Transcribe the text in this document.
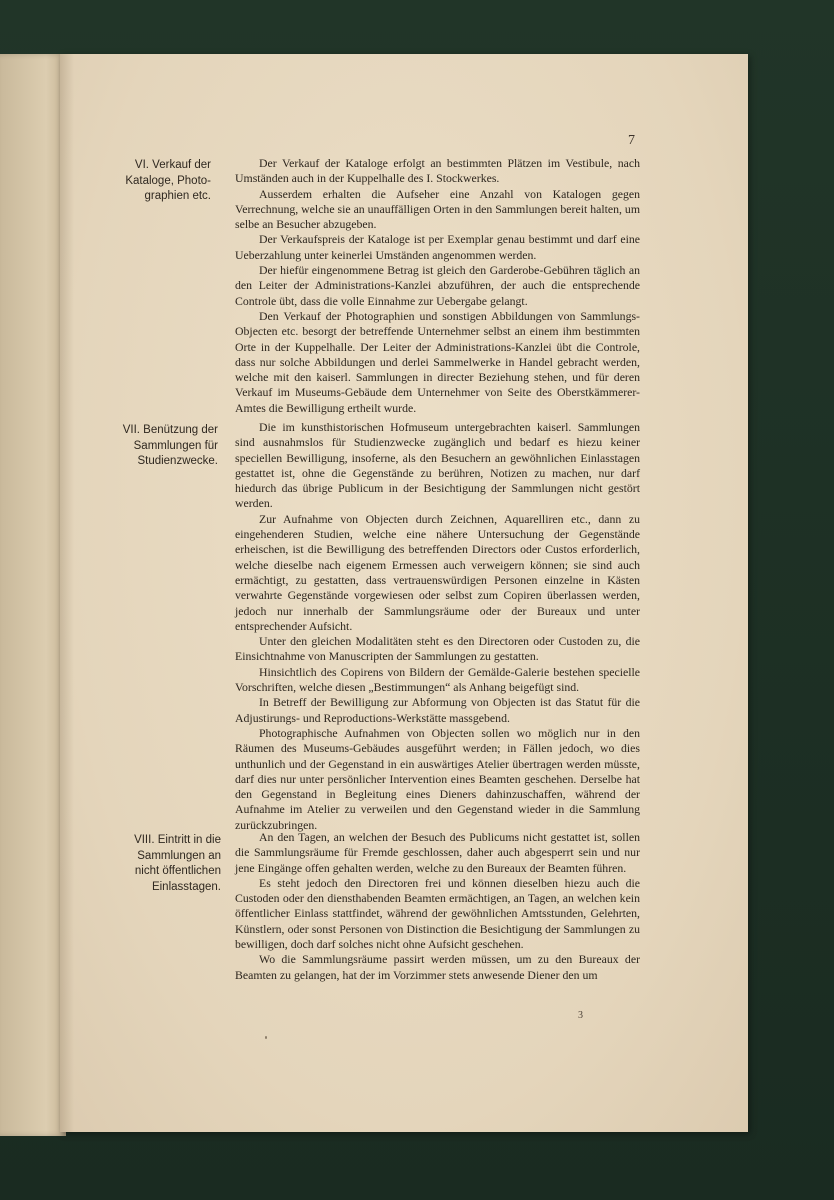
7
VI. Verkauf der
Kataloge, Photo-
graphien etc.

Der Verkauf der Kataloge erfolgt an bestimmten Plätzen im Vestibule, nach Umständen auch in der Kuppelhalle des I. Stockwerkes.

Ausserdem erhalten die Aufseher eine Anzahl von Katalogen gegen Verrechnung, welche sie an unauffälligen Orten in den Sammlungen bereit halten, um selbe an Besucher abzugeben.

Der Verkaufspreis der Kataloge ist per Exemplar genau bestimmt und darf eine Ueberzahlung unter keinerlei Umständen angenommen werden.

Der hiefür eingenommene Betrag ist gleich den Garderobe-Gebühren täglich an den Leiter der Administrations-Kanzlei abzuführen, der auch die entsprechende Controle übt, dass die volle Einnahme zur Uebergabe gelangt.

Den Verkauf der Photographien und sonstigen Abbildungen von Sammlungs-Objecten etc. besorgt der betreffende Unternehmer selbst an einem ihm bestimmten Orte in der Kuppelhalle. Der Leiter der Administrations-Kanzlei übt die Controle, dass nur solche Abbildungen und derlei Sammelwerke in Handel gebracht werden, welche mit den kaiserl. Sammlungen in directer Beziehung stehen, und für deren Verkauf im Museums-Gebäude dem Unternehmer von Seite des Oberstkämmerer-Amtes die Bewilligung ertheilt wurde.

VII. Benützung der
Sammlungen für
Studienzwecke.

Die im kunsthistorischen Hofmuseum untergebrachten kaiserl. Sammlungen sind ausnahmslos für Studienzwecke zugänglich und bedarf es hiezu keiner speciellen Bewilligung, insoferne, als den Besuchern an gewöhnlichen Einlasstagen gestattet ist, ohne die Gegenstände zu berühren, Notizen zu machen, nur darf hiedurch das übrige Publicum in der Besichtigung der Sammlungen nicht gestört werden.

Zur Aufnahme von Objecten durch Zeichnen, Aquarelliren etc., dann zu eingehenderen Studien, welche eine nähere Untersuchung der Gegenstände erheischen, ist die Bewilligung des betreffenden Directors oder Custos erforderlich, welche dieselbe nach eigenem Ermessen auch verweigern können; sie sind auch ermächtigt, zu gestatten, dass vertrauenswürdigen Personen einzelne in Kästen verwahrte Gegenstände vorgewiesen oder selbst zum Copiren überlassen werden, jedoch nur innerhalb der Sammlungsräume oder der Bureaux und unter entsprechender Aufsicht.

Unter den gleichen Modalitäten steht es den Directoren oder Custoden zu, die Einsichtnahme von Manuscripten der Sammlungen zu gestatten.

Hinsichtlich des Copirens von Bildern der Gemälde-Galerie bestehen specielle Vorschriften, welche diesen „Bestimmungen“ als Anhang beigefügt sind.

In Betreff der Bewilligung zur Abformung von Objecten ist das Statut für die Adjustirungs- und Reproductions-Werkstätte massgebend.

Photographische Aufnahmen von Objecten sollen wo möglich nur in den Räumen des Museums-Gebäudes ausgeführt werden; in Fällen jedoch, wo dies unthunlich und der Gegenstand in ein auswärtiges Atelier übertragen werden müsste, darf dies nur unter persönlicher Intervention eines Beamten geschehen. Derselbe hat den Gegenstand in Begleitung eines Dieners dahinzuschaffen, während der Aufnahme im Atelier zu verweilen und den Gegenstand wieder in die Sammlung zurückzubringen.

VIII. Eintritt in die
Sammlungen an
nicht öffentlichen
Einlasstagen.

An den Tagen, an welchen der Besuch des Publicums nicht gestattet ist, sollen die Sammlungsräume für Fremde geschlossen, daher auch abgesperrt sein und nur jene Eingänge offen gehalten werden, welche zu den Bureaux der Beamten führen.

Es steht jedoch den Directoren frei und können dieselben hiezu auch die Custoden oder den diensthabenden Beamten ermächtigen, an Tagen, an welchen kein öffentlicher Einlass stattfindet, während der gewöhnlichen Amtsstunden, Gelehrten, Künstlern, oder sonst Personen von Distinction die Besichtigung der Sammlungen zu bewilligen, doch darf solches nicht ohne Aufsicht geschehen.

Wo die Sammlungsräume passirt werden müssen, um zu den Bureaux der Beamten zu gelangen, hat der im Vorzimmer stets anwesende Diener den um

3
